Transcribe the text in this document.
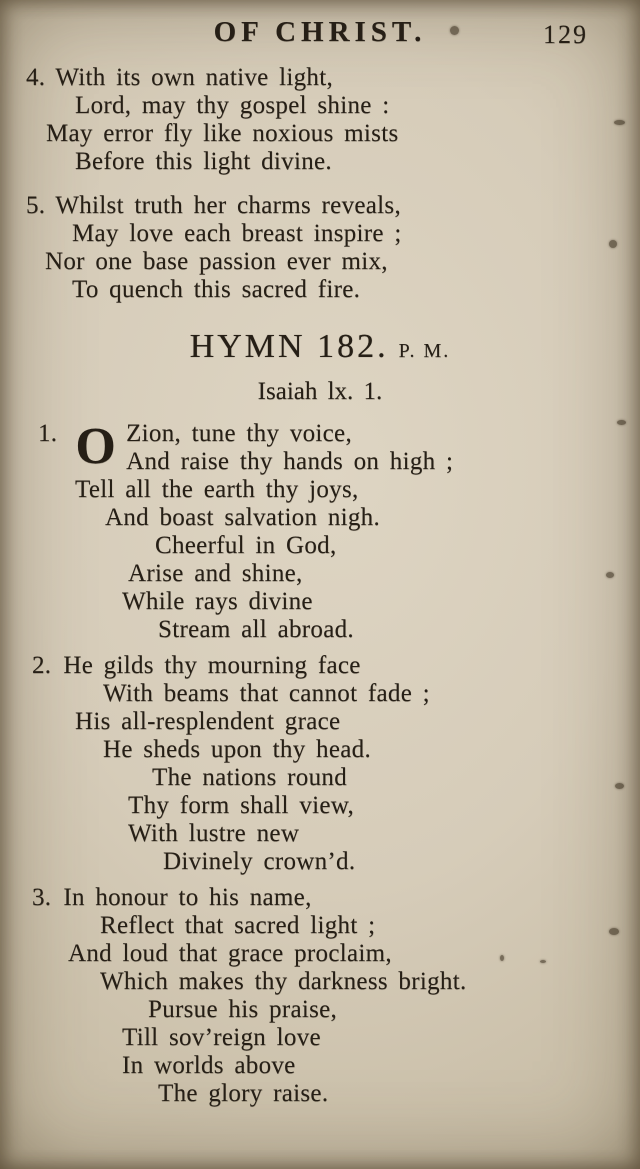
OF CHRIST.	129
4. With its own native light,
Lord, may thy gospel shine :
May error fly like noxious mists
Before this light divine.
5. Whilst truth her charms reveals,
May love each breast inspire ;
Nor one base passion ever mix,
To quench this sacred fire.
HYMN 182. P. M.
Isaiah lx. 1.
1. O Zion, tune thy voice,
And raise thy hands on high ;
Tell all the earth thy joys,
And boast salvation nigh.
Cheerful in God,
Arise and shine,
While rays divine
Stream all abroad.
2. He gilds thy mourning face
With beams that cannot fade ;
His all-resplendent grace
He sheds upon thy head.
The nations round
Thy form shall view,
With lustre new
Divinely crown’d.
3. In honour to his name,
Reflect that sacred light ;
And loud that grace proclaim,
Which makes thy darkness bright.
Pursue his praise,
Till sov’reign love
In worlds above
The glory raise.
